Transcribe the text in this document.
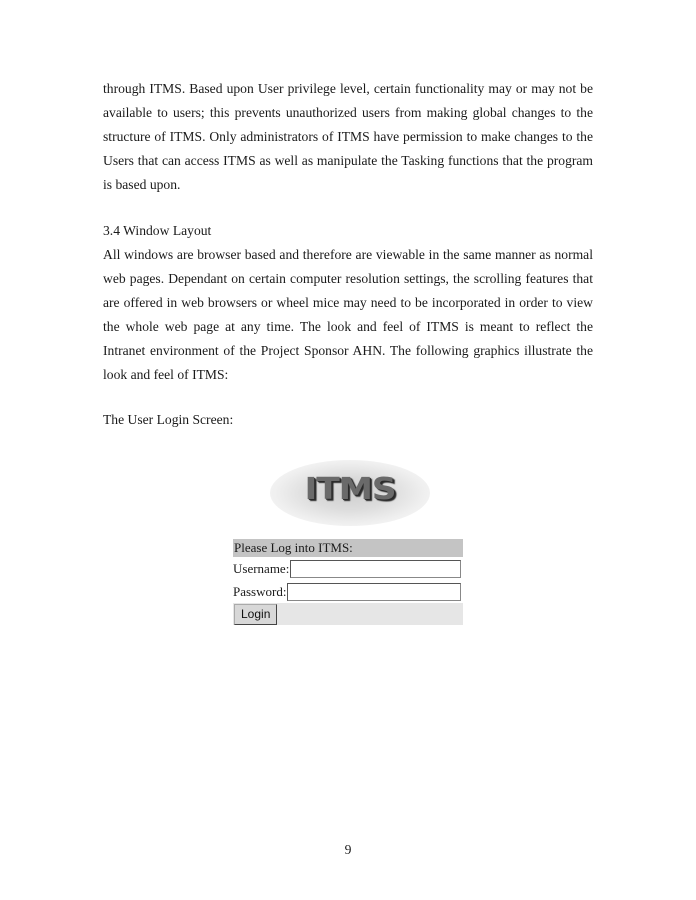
through ITMS. Based upon User privilege level, certain functionality may or may not be
available to users; this prevents unauthorized users from making global changes to the
structure of ITMS. Only administrators of ITMS have permission to make changes to the
Users that can access ITMS as well as manipulate the Tasking functions that the program
is based upon.
3.4 Window Layout
All windows are browser based and therefore are viewable in the same manner as normal
web pages. Dependant on certain computer resolution settings, the scrolling features that
are offered in web browsers or wheel mice may need to be incorporated in order to view
the whole web page at any time. The look and feel of ITMS is meant to reflect the
Intranet environment of the Project Sponsor AHN. The following graphics illustrate the
look and feel of ITMS:
The User Login Screen:
ITMS
Please Log into ITMS:
Username:
Password:
Login
9
